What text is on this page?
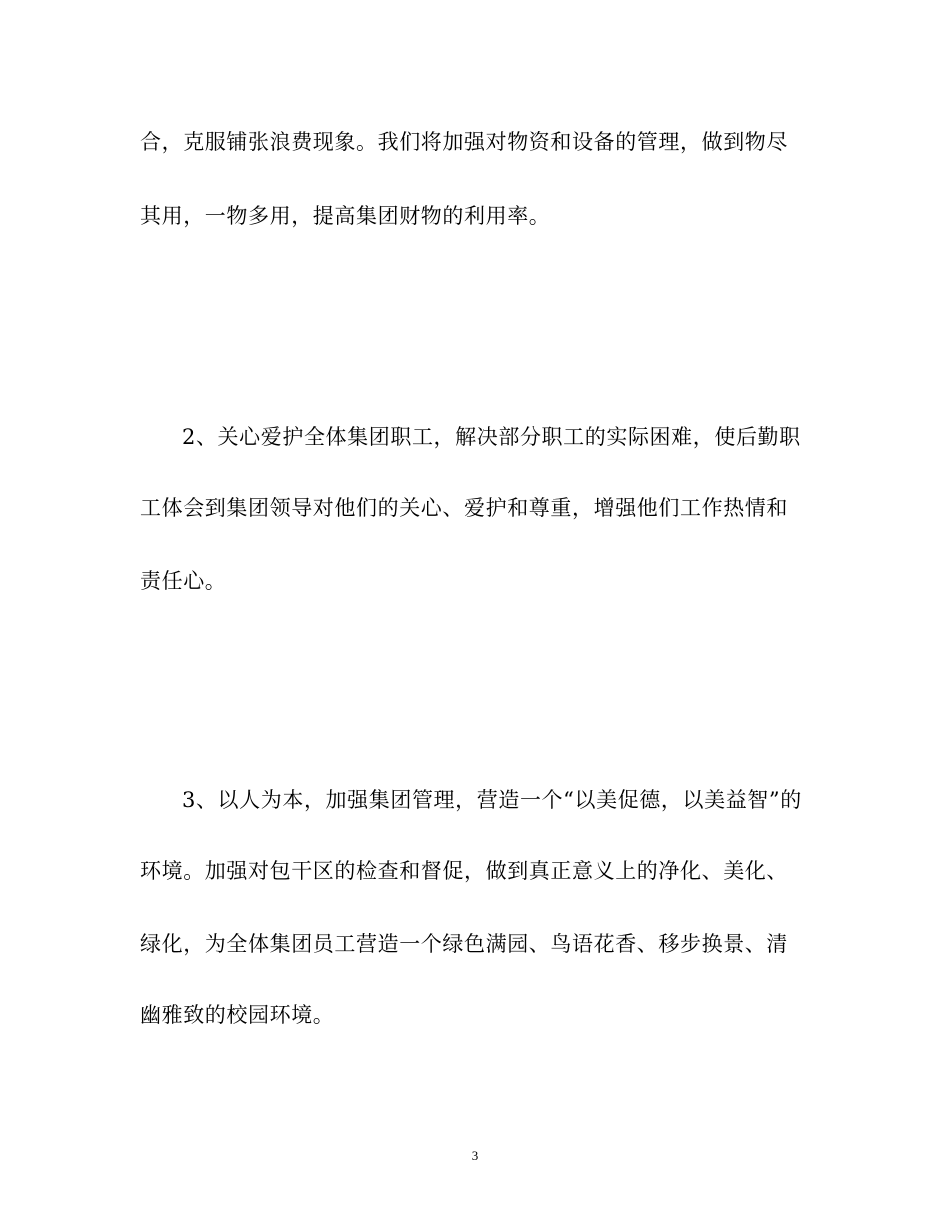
合，克服铺张浪费现象。我们将加强对物资和设备的管理，做到物尽
其用，一物多用，提高集团财物的利用率。
2、关心爱护全体集团职工，解决部分职工的实际困难，使后勤职
工体会到集团领导对他们的关心、爱护和尊重，增强他们工作热情和
责任心。
3、以人为本，加强集团管理，营造一个“以美促德，以美益智”的
环境。加强对包干区的检查和督促，做到真正意义上的净化、美化、
绿化，为全体集团员工营造一个绿色满园、鸟语花香、移步换景、清
幽雅致的校园环境。
3
